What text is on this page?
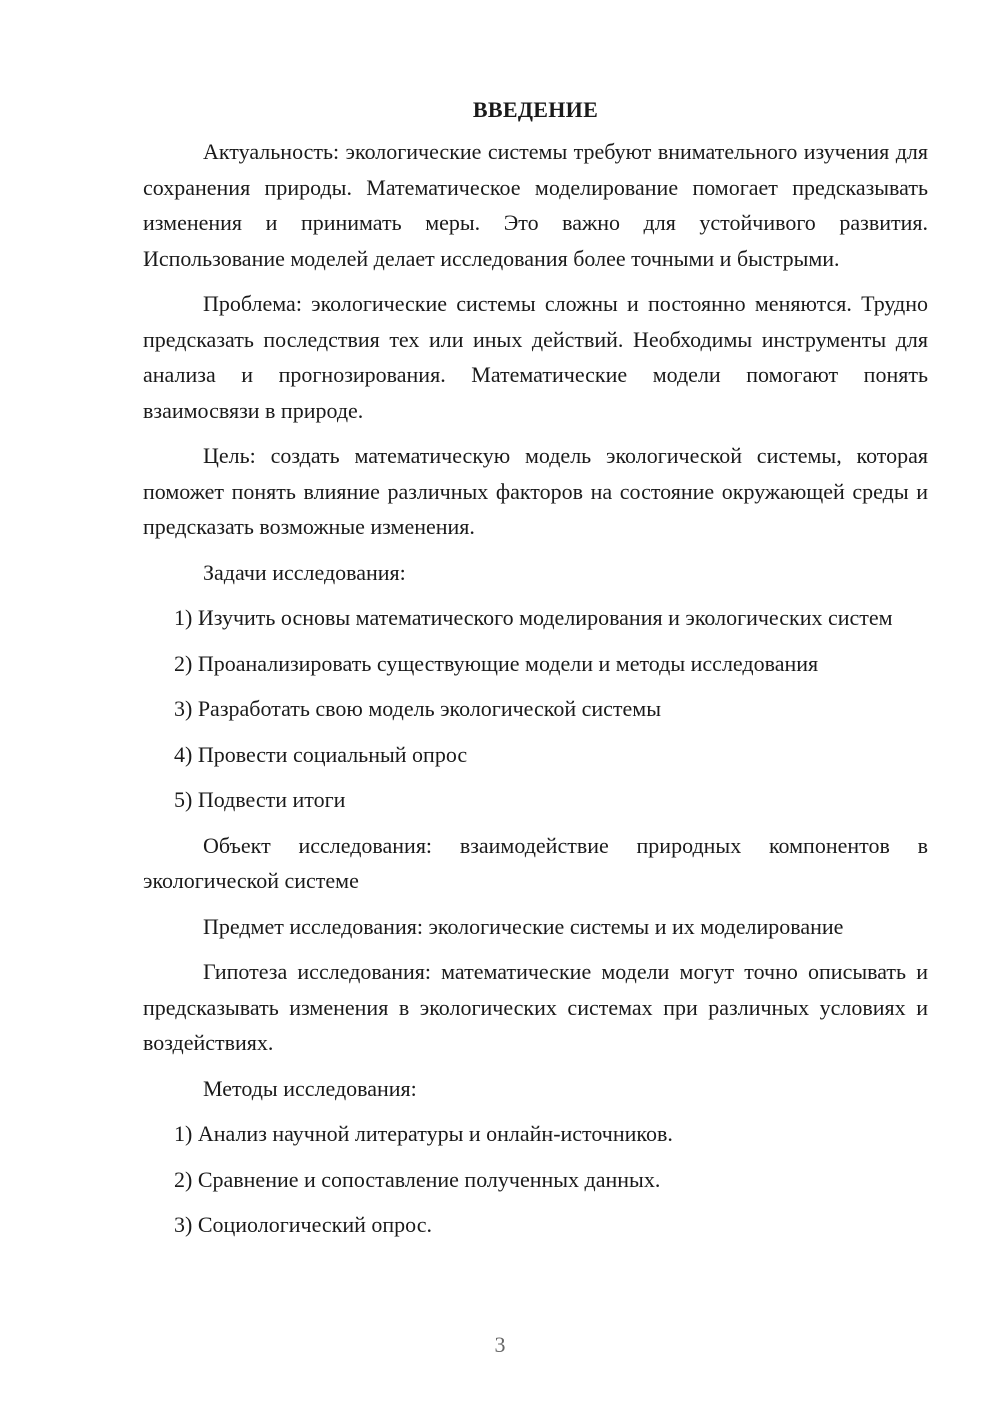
ВВЕДЕНИЕ

Актуальность: экологические системы требуют внимательного изучения для сохранения природы. Математическое моделирование помогает предсказывать изменения и принимать меры. Это важно для устойчивого развития. Использование моделей делает исследования более точными и быстрыми.

Проблема: экологические системы сложны и постоянно меняются. Трудно предсказать последствия тех или иных действий. Необходимы инструменты для анализа и прогнозирования. Математические модели помогают понять взаимосвязи в природе.

Цель: создать математическую модель экологической системы, которая поможет понять влияние различных факторов на состояние окружающей среды и предсказать возможные изменения.

Задачи исследования:

1) Изучить основы математического моделирования и экологических систем

2) Проанализировать существующие модели и методы исследования

3) Разработать свою модель экологической системы

4) Провести социальный опрос

5) Подвести итоги

Объект исследования: взаимодействие природных компонентов в экологической системе

Предмет исследования: экологические системы и их моделирование

Гипотеза исследования: математические модели могут точно описывать и предсказывать изменения в экологических системах при различных условиях и воздействиях.

Методы исследования:

1) Анализ научной литературы и онлайн-источников.

2) Сравнение и сопоставление полученных данных.

3) Социологический опрос.

3
